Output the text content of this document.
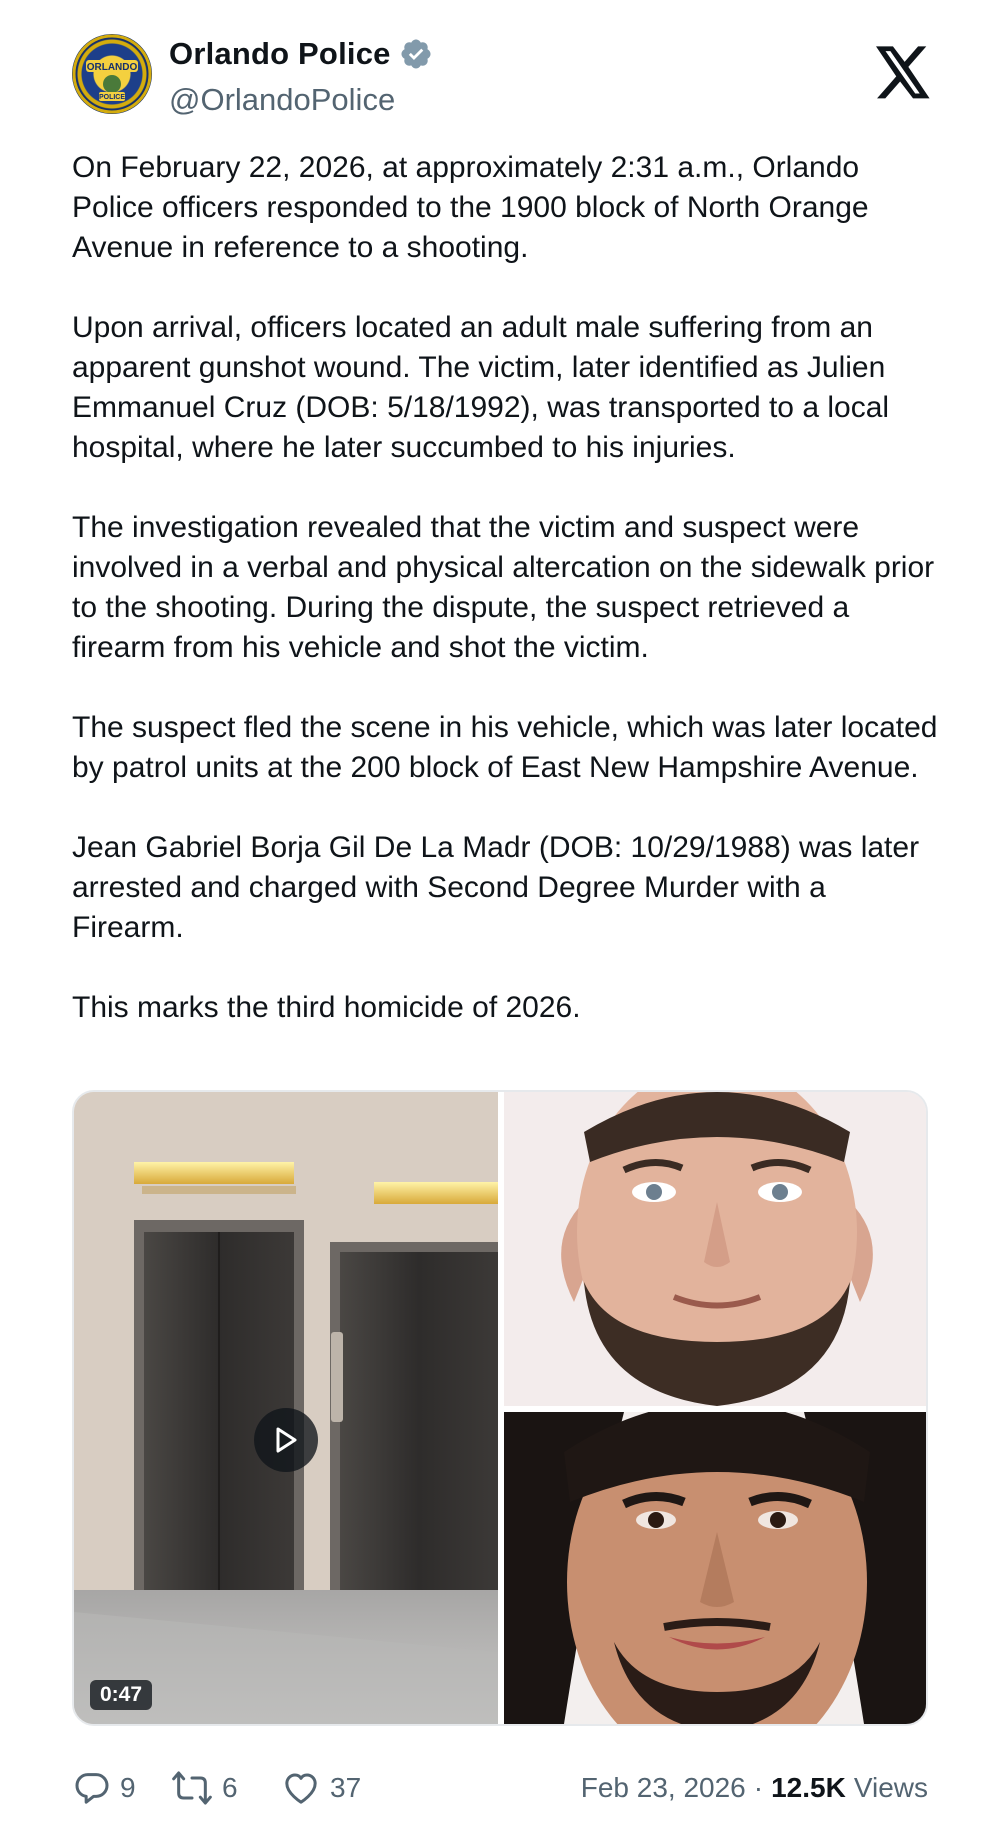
ORLANDO
POLICE
Orlando Police
@OrlandoPolice

On February 22, 2026, at approximately 2:31 a.m., Orlando Police officers responded to the 1900 block of North Orange Avenue in reference to a shooting.

Upon arrival, officers located an adult male suffering from an apparent gunshot wound. The victim, later identified as Julien Emmanuel Cruz (DOB: 5/18/1992), was transported to a local hospital, where he later succumbed to his injuries.

The investigation revealed that the victim and suspect were involved in a verbal and physical altercation on the sidewalk prior to the shooting. During the dispute, the suspect retrieved a firearm from his vehicle and shot the victim.

The suspect fled the scene in his vehicle, which was later located by patrol units at the 200 block of East New Hampshire Avenue.

Jean Gabriel Borja Gil De La Madr (DOB: 10/29/1988) was later arrested and charged with Second Degree Murder with a Firearm.

This marks the third homicide of 2026.

0:47
9	6	37	Feb 23, 2026 · 12.5K Views
